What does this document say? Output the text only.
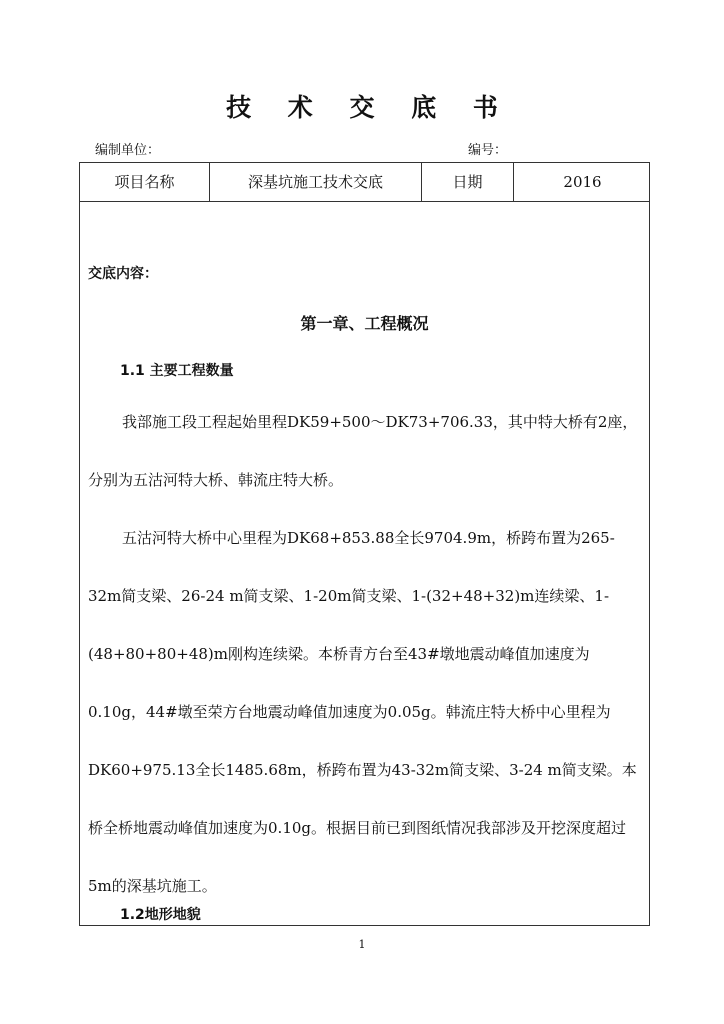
技 术 交 底 书
编制单位：	编号：
项目名称	深基坑施工技术交底	日期	2016
交底内容：
第一章、工程概况
1.1 主要工程数量

我部施工段工程起始里程DK59+500～DK73+706.33，其中特大桥有2座，分别为五沽河特大桥、韩流庄特大桥。

五沽河特大桥中心里程为DK68+853.88全长9704.9m，桥跨布置为265-32m简支梁、26-24 m简支梁、1-20m简支梁、1-(32+48+32)m连续梁、1-(48+80+80+48)m刚构连续梁。本桥青方台至43#墩地震动峰值加速度为0.10g，44#墩至荣方台地震动峰值加速度为0.05g。韩流庄特大桥中心里程为DK60+975.13全长1485.68m，桥跨布置为43-32m简支梁、3-24 m简支梁。本桥全桥地震动峰值加速度为0.10g。根据目前已到图纸情况我部涉及开挖深度超过5m的深基坑施工。

1.2地形地貌
1
